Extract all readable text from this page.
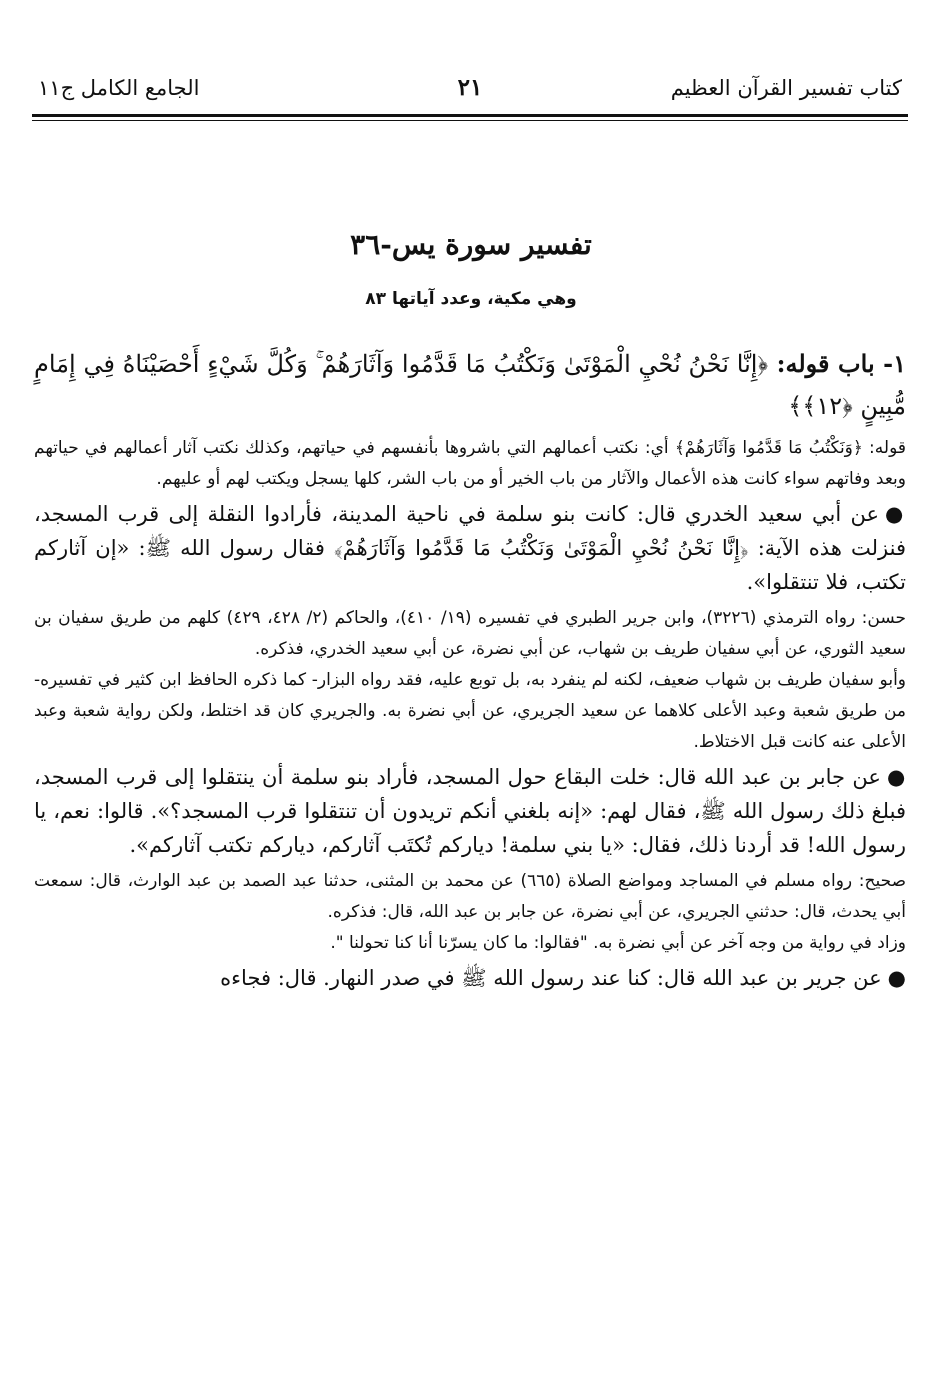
كتاب تفسير القرآن العظيم
٢١
الجامع الكامل ج١١
تفسير سورة يس-٣٦
وهي مكية، وعدد آياتها ٨٣
١- باب قوله: ﴿إِنَّا نَحْنُ نُحْيِ الْمَوْتَىٰ وَنَكْتُبُ مَا قَدَّمُوا وَآثَارَهُمْ ۚ وَكُلَّ شَيْءٍ أَحْصَيْنَاهُ فِي إِمَامٍ مُّبِينٍ ﴿١٢﴾﴾

قوله: ﴿وَنَكْتُبُ مَا قَدَّمُوا وَآثَارَهُمْ﴾ أي: نكتب أعمالهم التي باشروها بأنفسهم في حياتهم، وكذلك نكتب آثار أعمالهم في حياتهم وبعد وفاتهم سواء كانت هذه الأعمال والآثار من باب الخير أو من باب الشر، كلها يسجل ويكتب لهم أو عليهم.

●عن أبي سعيد الخدري قال: كانت بنو سلمة في ناحية المدينة، فأرادوا النقلة إلى قرب المسجد، فنزلت هذه الآية: ﴿إِنَّا نَحْنُ نُحْيِ الْمَوْتَىٰ وَنَكْتُبُ مَا قَدَّمُوا وَآثَارَهُمْ﴾ فقال رسول الله ﷺ: «إن آثاركم تكتب، فلا تنتقلوا».

حسن: رواه الترمذي (٣٢٢٦)، وابن جرير الطبري في تفسيره (١٩/ ٤١٠)، والحاكم (٢/ ٤٢٨، ٤٢٩) كلهم من طريق سفيان بن سعيد الثوري، عن أبي سفيان طريف بن شهاب، عن أبي نضرة، عن أبي سعيد الخدري، فذكره.

وأبو سفيان طريف بن شهاب ضعيف، لكنه لم ينفرد به، بل توبع عليه، فقد رواه البزار- كما ذكره الحافظ ابن كثير في تفسيره- من طريق شعبة وعبد الأعلى كلاهما عن سعيد الجريري، عن أبي نضرة به. والجريري كان قد اختلط، ولكن رواية شعبة وعبد الأعلى عنه كانت قبل الاختلاط.

●عن جابر بن عبد الله قال: خلت البقاع حول المسجد، فأراد بنو سلمة أن ينتقلوا إلى قرب المسجد، فبلغ ذلك رسول الله ﷺ، فقال لهم: «إنه بلغني أنكم تريدون أن تنتقلوا قرب المسجد؟». قالوا: نعم، يا رسول الله! قد أردنا ذلك، فقال: «يا بني سلمة! دياركم تُكتَب آثاركم، دياركم تكتب آثاركم».

صحيح: رواه مسلم في المساجد ومواضع الصلاة (٦٦٥) عن محمد بن المثنى، حدثنا عبد الصمد بن عبد الوارث، قال: سمعت أبي يحدث، قال: حدثني الجريري، عن أبي نضرة، عن جابر بن عبد الله، قال: فذكره.

وزاد في رواية من وجه آخر عن أبي نضرة به. "فقالوا: ما كان يسرّنا أنا كنا تحولنا ".

●عن جرير بن عبد الله قال: كنا عند رسول الله ﷺ في صدر النهار. قال: فجاءه
